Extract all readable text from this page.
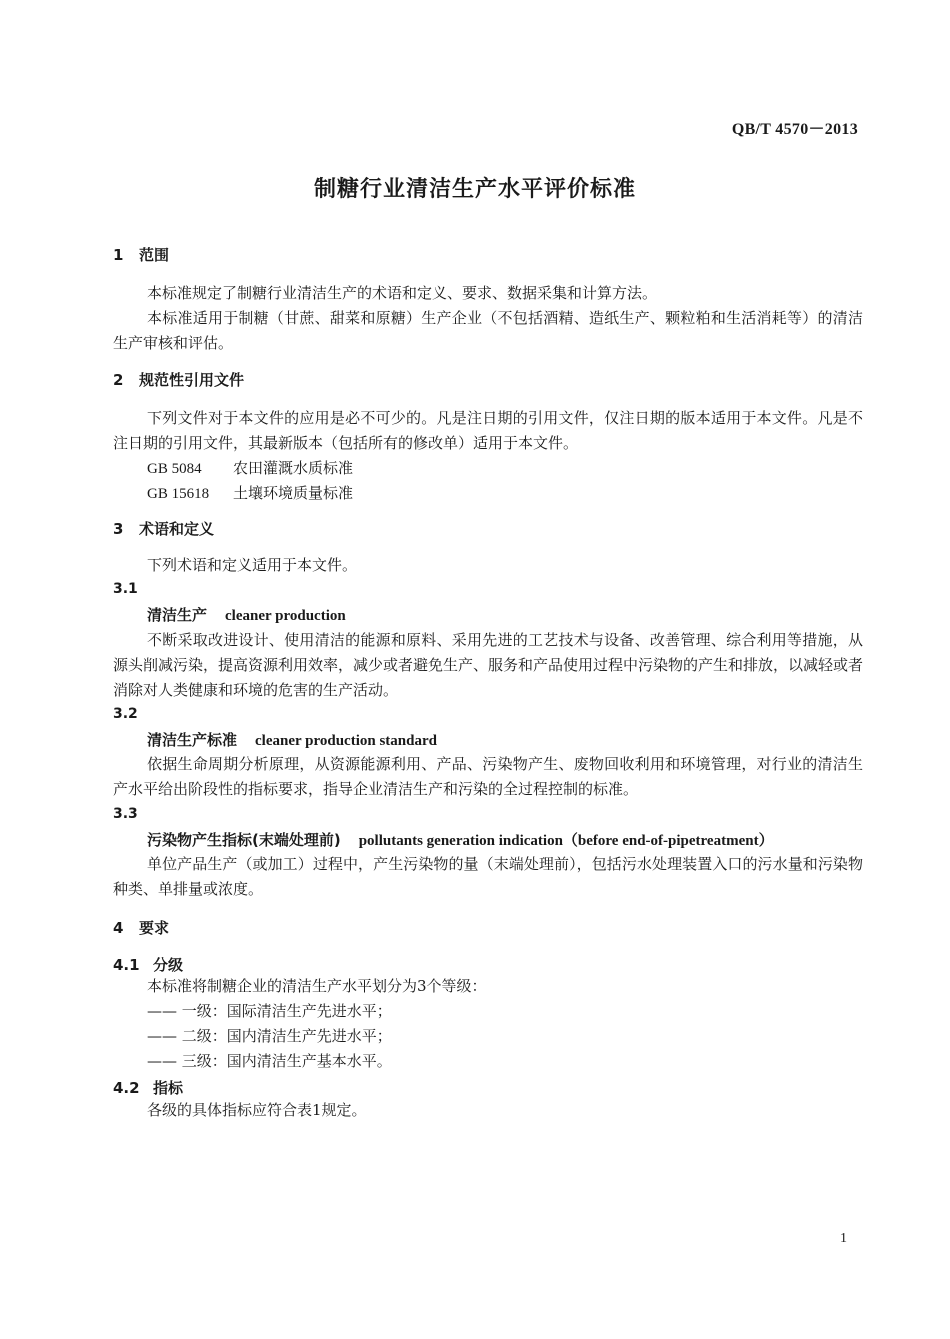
QB/T 4570－2013
制糖行业清洁生产水平评价标准
1 范围
本标准规定了制糖行业清洁生产的术语和定义、要求、数据采集和计算方法。
本标准适用于制糖（甘蔗、甜菜和原糖）生产企业（不包括酒精、造纸生产、颗粒粕和生活消耗等）的清洁生产审核和评估。
2 规范性引用文件
下列文件对于本文件的应用是必不可少的。凡是注日期的引用文件，仅注日期的版本适用于本文件。凡是不注日期的引用文件，其最新版本（包括所有的修改单）适用于本文件。
GB 5084 农田灌溉水质标准
GB 15618 土壤环境质量标准
3 术语和定义
下列术语和定义适用于本文件。
3.1
清洁生产 cleaner production
不断采取改进设计、使用清洁的能源和原料、采用先进的工艺技术与设备、改善管理、综合利用等措施，从源头削减污染，提高资源利用效率，减少或者避免生产、服务和产品使用过程中污染物的产生和排放，以减轻或者消除对人类健康和环境的危害的生产活动。
3.2
清洁生产标准 cleaner production standard
依据生命周期分析原理，从资源能源利用、产品、污染物产生、废物回收利用和环境管理，对行业的清洁生产水平给出阶段性的指标要求，指导企业清洁生产和污染的全过程控制的标准。
3.3
污染物产生指标(末端处理前) pollutants generation indication（before end-of-pipetreatment）
单位产品生产（或加工）过程中，产生污染物的量（末端处理前），包括污水处理装置入口的污水量和污染物种类、单排量或浓度。
4 要求
4.1 分级
本标准将制糖企业的清洁生产水平划分为3个等级：
—— 一级：国际清洁生产先进水平；
—— 二级：国内清洁生产先进水平；
—— 三级：国内清洁生产基本水平。
4.2 指标
各级的具体指标应符合表1规定。
1
